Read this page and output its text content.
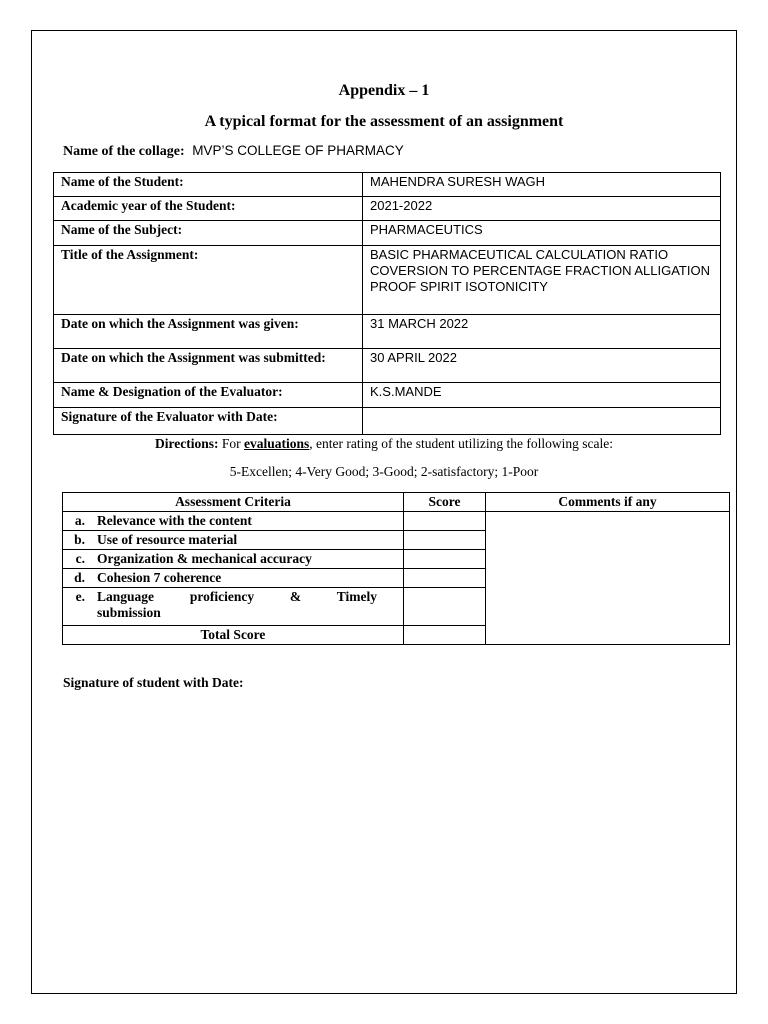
Appendix – 1
A typical format for the assessment of an assignment
Name of the collage: MVP’S COLLEGE OF PHARMACY
Name of the Student:	MAHENDRA SURESH WAGH
Academic year of the Student:	2021-2022
Name of the Subject:	PHARMACEUTICS
Title of the Assignment:	BASIC PHARMACEUTICAL CALCULATION RATIO COVERSION TO PERCENTAGE FRACTION ALLIGATION PROOF SPIRIT ISOTONICITY
Date on which the Assignment was given:	31 MARCH 2022
Date on which the Assignment was submitted:	30 APRIL 2022
Name & Designation of the Evaluator:	K.S.MANDE
Signature of the Evaluator with Date:	
Directions: For evaluations, enter rating of the student utilizing the following scale:
5-Excellen; 4-Very Good; 3-Good; 2-satisfactory; 1-Poor
Assessment Criteria	Score	Comments if any
a. Relevance with the content		
b. Use of resource material		
c. Organization & mechanical accuracy		
d. Cohesion 7 coherence		
e. Language proficiency & Timely
submission		

Total Score		
Signature of student with Date:
